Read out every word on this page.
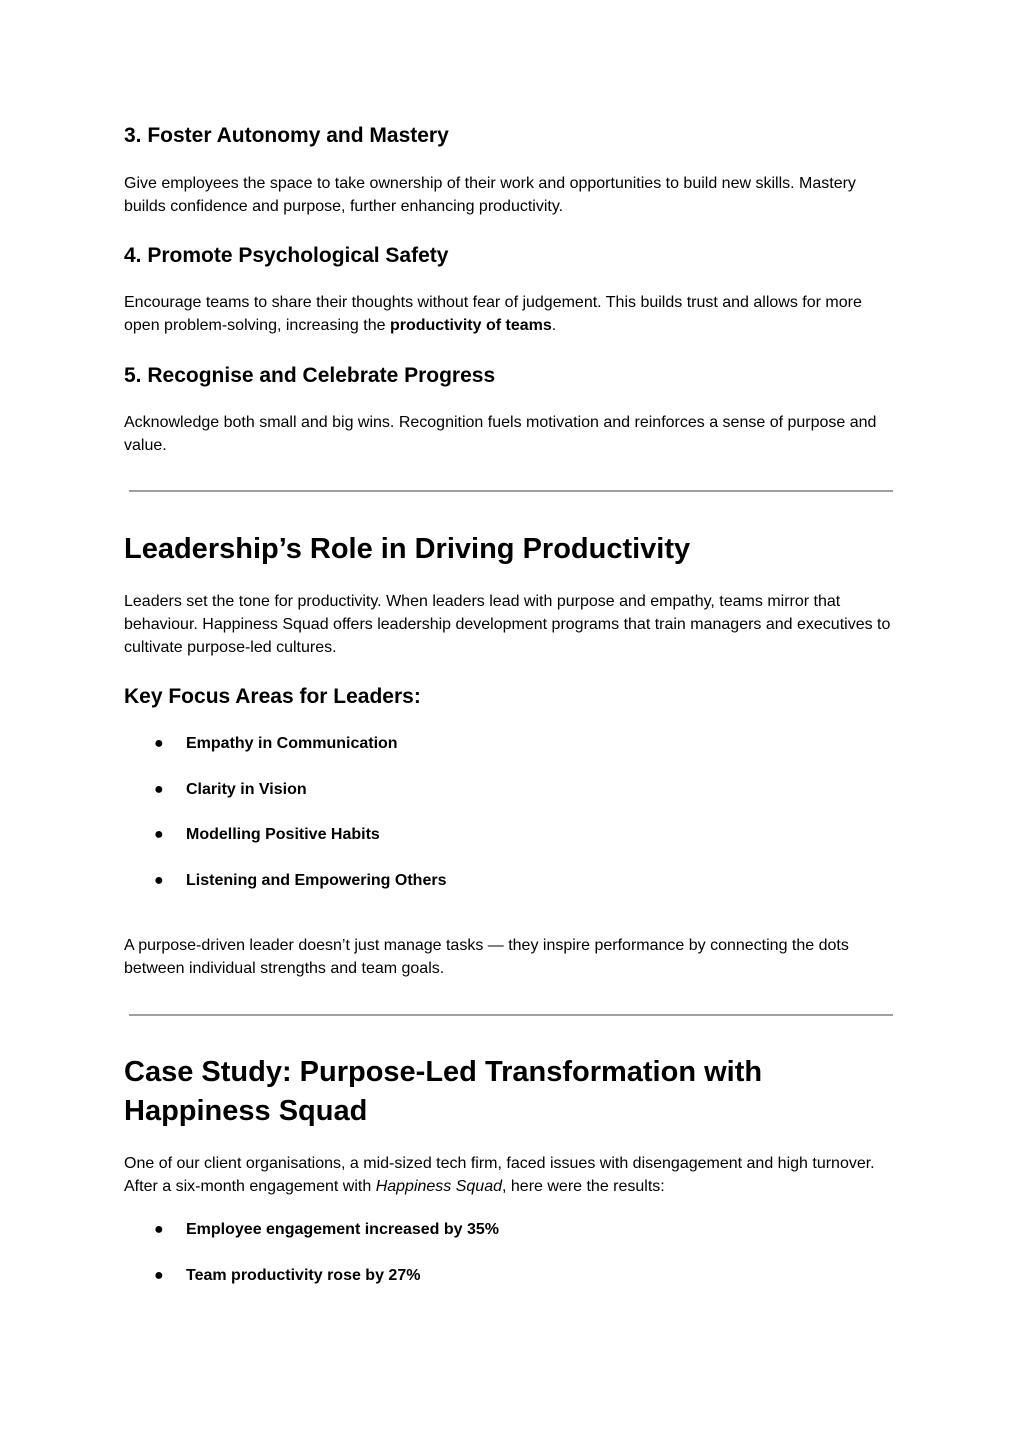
3. Foster Autonomy and Mastery

Give employees the space to take ownership of their work and opportunities to build new skills. Mastery builds confidence and purpose, further enhancing productivity.

4. Promote Psychological Safety

Encourage teams to share their thoughts without fear of judgement. This builds trust and allows for more open problem-solving, increasing the productivity of teams.

5. Recognise and Celebrate Progress

Acknowledge both small and big wins. Recognition fuels motivation and reinforces a sense of purpose and value.

Leadership’s Role in Driving Productivity

Leaders set the tone for productivity. When leaders lead with purpose and empathy, teams mirror that behaviour. Happiness Squad offers leadership development programs that train managers and executives to cultivate purpose-led cultures.

Key Focus Areas for Leaders:
● Empathy in Communication
● Clarity in Vision
● Modelling Positive Habits
● Listening and Empowering Others

A purpose-driven leader doesn’t just manage tasks — they inspire performance by connecting the dots between individual strengths and team goals.

Case Study: Purpose-Led Transformation with
Happiness Squad

One of our client organisations, a mid-sized tech firm, faced issues with disengagement and high turnover. After a six-month engagement with Happiness Squad, here were the results:

● Employee engagement increased by 35%
● Team productivity rose by 27%
